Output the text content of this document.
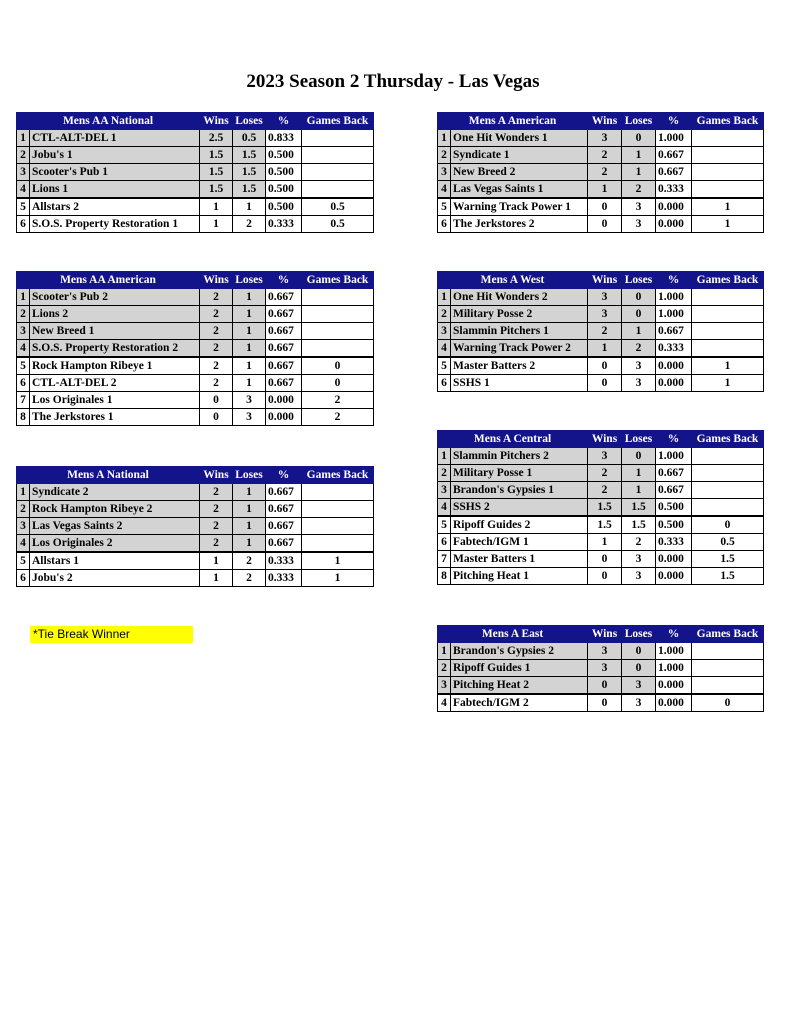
2023 Season 2 Thursday - Las Vegas
Mens AA National		Wins	Loses	%	Games Back
1	CTL-ALT-DEL 1	2.5	0.5	0.833	
2	Jobu's 1	1.5	1.5	0.500	
3	Scooter's Pub 1	1.5	1.5	0.500	
4	Lions 1	1.5	1.5	0.500	
5	Allstars 2	1	1	0.500	0.5
6	S.O.S. Property Restoration 1	1	2	0.333	0.5
Mens A American		Wins	Loses	%	Games Back
1	One Hit Wonders 1	3	0	1.000	
2	Syndicate 1	2	1	0.667	
3	New Breed 2	2	1	0.667	
4	Las Vegas Saints 1	1	2	0.333	
5	Warning Track Power 1	0	3	0.000	1
6	The Jerkstores 2	0	3	0.000	1
Mens AA American		Wins	Loses	%	Games Back
1	Scooter's Pub 2	2	1	0.667	
2	Lions 2	2	1	0.667	
3	New Breed 1	2	1	0.667	
4	S.O.S. Property Restoration 2	2	1	0.667	
5	Rock Hampton Ribeye 1	2	1	0.667	0
6	CTL-ALT-DEL 2	2	1	0.667	0
7	Los Originales 1	0	3	0.000	2
8	The Jerkstores 1	0	3	0.000	2
Mens A West		Wins	Loses	%	Games Back
1	One Hit Wonders 2	3	0	1.000	
2	Military Posse 2	3	0	1.000	
3	Slammin Pitchers 1	2	1	0.667	
4	Warning Track Power 2	1	2	0.333	
5	Master Batters 2	0	3	0.000	1
6	SSHS 1	0	3	0.000	1
Mens A Central		Wins	Loses	%	Games Back
1	Slammin Pitchers 2	3	0	1.000	
2	Military Posse 1	2	1	0.667	
3	Brandon's Gypsies 1	2	1	0.667	
4	SSHS 2	1.5	1.5	0.500	
5	Ripoff Guides 2	1.5	1.5	0.500	0
6	Fabtech/IGM 1	1	2	0.333	0.5
7	Master Batters 1	0	3	0.000	1.5
8	Pitching Heat 1	0	3	0.000	1.5
Mens A National		Wins	Loses	%	Games Back
1	Syndicate 2	2	1	0.667	
2	Rock Hampton Ribeye 2	2	1	0.667	
3	Las Vegas Saints 2	2	1	0.667	
4	Los Originales 2	2	1	0.667	
5	Allstars 1	1	2	0.333	1
6	Jobu's 2	1	2	0.333	1
Mens A East		Wins	Loses	%	Games Back
1	Brandon's Gypsies 2	3	0	1.000	
2	Ripoff Guides 1	3	0	1.000	
3	Pitching Heat 2	0	3	0.000	
4	Fabtech/IGM 2	0	3	0.000	0
*Tie Break Winner
